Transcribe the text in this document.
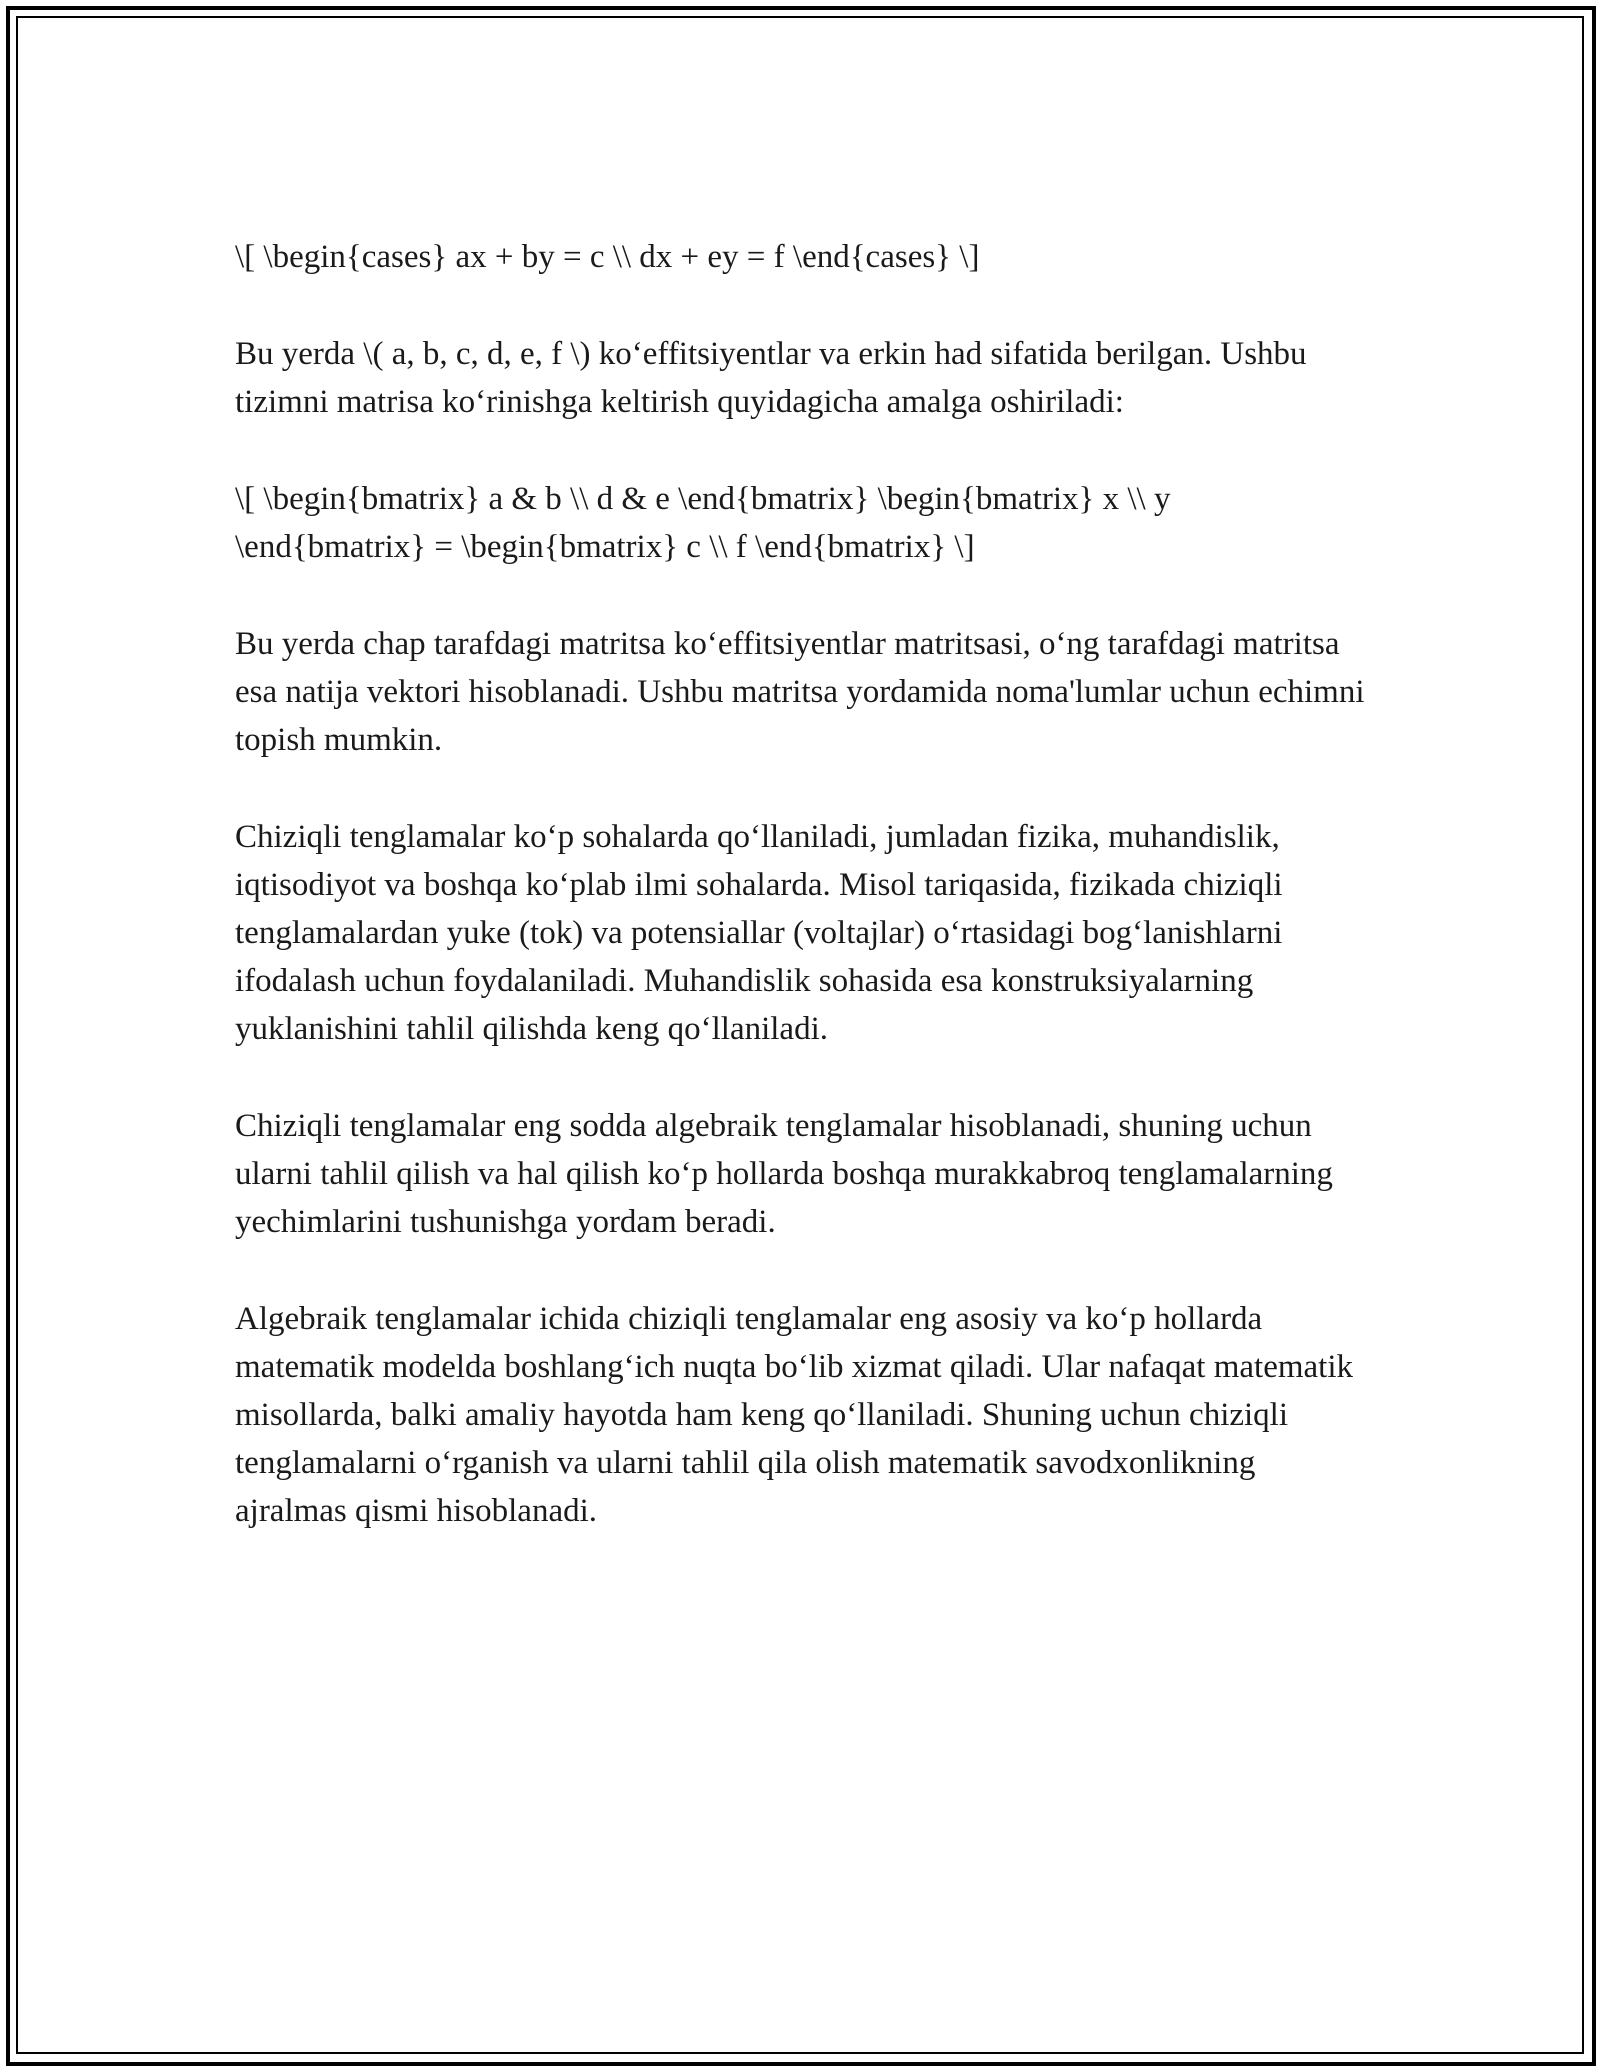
\[ \begin{cases} ax + by = c \\ dx + ey = f \end{cases} \]

Bu yerda \( a, b, c, d, e, f \) koʻeffitsiyentlar va erkin had sifatida berilgan. Ushbu tizimni matrisa koʻrinishga keltirish quyidagicha amalga oshiriladi:

\[ \begin{bmatrix} a & b \\ d & e \end{bmatrix} \begin{bmatrix} x \\ y \end{bmatrix} = \begin{bmatrix} c \\ f \end{bmatrix} \]

Bu yerda chap tarafdagi matritsa koʻeffitsiyentlar matritsasi, oʻng tarafdagi matritsa esa natija vektori hisoblanadi. Ushbu matritsa yordamida noma'lumlar uchun echimni topish mumkin.

Chiziqli tenglamalar koʻp sohalarda qoʻllaniladi, jumladan fizika, muhandislik, iqtisodiyot va boshqa koʻplab ilmi sohalarda. Misol tariqasida, fizikada chiziqli tenglamalardan yuke (tok) va potensiallar (voltajlar) oʻrtasidagi bogʻlanishlarni ifodalash uchun foydalaniladi. Muhandislik sohasida esa konstruksiyalarning yuklanishini tahlil qilishda keng qoʻllaniladi.

Chiziqli tenglamalar eng sodda algebraik tenglamalar hisoblanadi, shuning uchun ularni tahlil qilish va hal qilish koʻp hollarda boshqa murakkabroq tenglamalarning yechimlarini tushunishga yordam beradi.

Algebraik tenglamalar ichida chiziqli tenglamalar eng asosiy va koʻp hollarda matematik modelda boshlangʻich nuqta boʻlib xizmat qiladi. Ular nafaqat matematik misollarda, balki amaliy hayotda ham keng qoʻllaniladi. Shuning uchun chiziqli tenglamalarni oʻrganish va ularni tahlil qila olish matematik savodxonlikning ajralmas qismi hisoblanadi.
